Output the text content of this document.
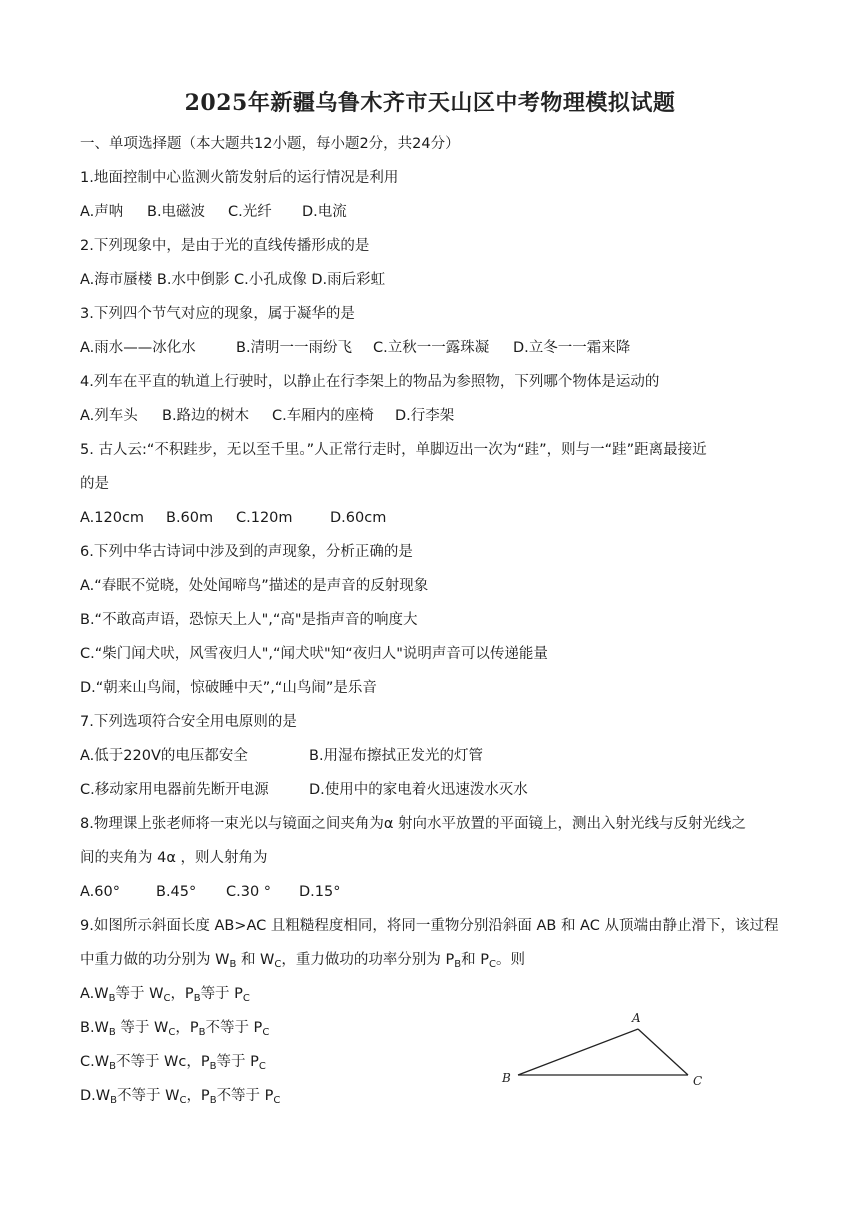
2025年新疆乌鲁木齐市天山区中考物理模拟试题
一、单项选择题（本大题共12小题，每小题2分，共24分）
1.地面控制中心监测火箭发射后的运行情况是利用
A.声呐 B.电磁波 C.光纤 D.电流
2.下列现象中，是由于光的直线传播形成的是
A.海市蜃楼 B.水中倒影 C.小孔成像 D.雨后彩虹
3.下列四个节气对应的现象，属于凝华的是
A.雨水——冰化水	B.清明一一雨纷飞 C.立秋一一露珠凝 D.立冬一一霜来降
4.列车在平直的轨道上行驶时，以静止在行李架上的物品为参照物，下列哪个物体是运动的
A.列车头 B.路边的树木 C.车厢内的座椅 D.行李架
5. 古人云:“不积跬步，无以至千里。”人正常行走时，单脚迈出一次为“跬”，则与一“跬”距离最接近
的是
A.120cm B.60m C.120m	D.60cm
6.下列中华古诗词中涉及到的声现象，分析正确的是
A.“春眠不觉晓，处处闻啼鸟”描述的是声音的反射现象
B.“不敢高声语，恐惊天上人",“高"是指声音的响度大
C.“柴门闻犬吠，风雪夜归人",“闻犬吠"知“夜归人"说明声音可以传递能量
D.“朝来山鸟闹，惊破睡中天”,“山鸟闹”是乐音
7.下列选项符合安全用电原则的是
A.低于220V的电压都安全	B.用湿布擦拭正发光的灯管
C.移动家用电器前先断开电源	D.使用中的家电着火迅速泼水灭水
8.物理课上张老师将一束光以与镜面之间夹角为α 射向水平放置的平面镜上，测出入射光线与反射光线之
间的夹角为 4α ，则人射角为
A.60° B.45° C.30 ° D.15°
9.如图所示斜面长度 AB>AC 且粗糙程度相同，将同一重物分别沿斜面 AB 和 AC 从顶端由静止滑下，该过程
中重力做的功分别为 $W_B$ 和 $W_C$，重力做功的功率分别为 $P_B$和 $P_C$。则
$A.W_B$等于 $W_C$，$P_B$等于 $P_C$
$B.W_B$ 等于 $W_C$，$P_B$不等于 $P_C$
$C.W_B$不等于 Wc，$P_B$等于 $P_C$
$D.W_B$不等于 $W_C$，$P_B$不等于 $P_C$
A
B	C
